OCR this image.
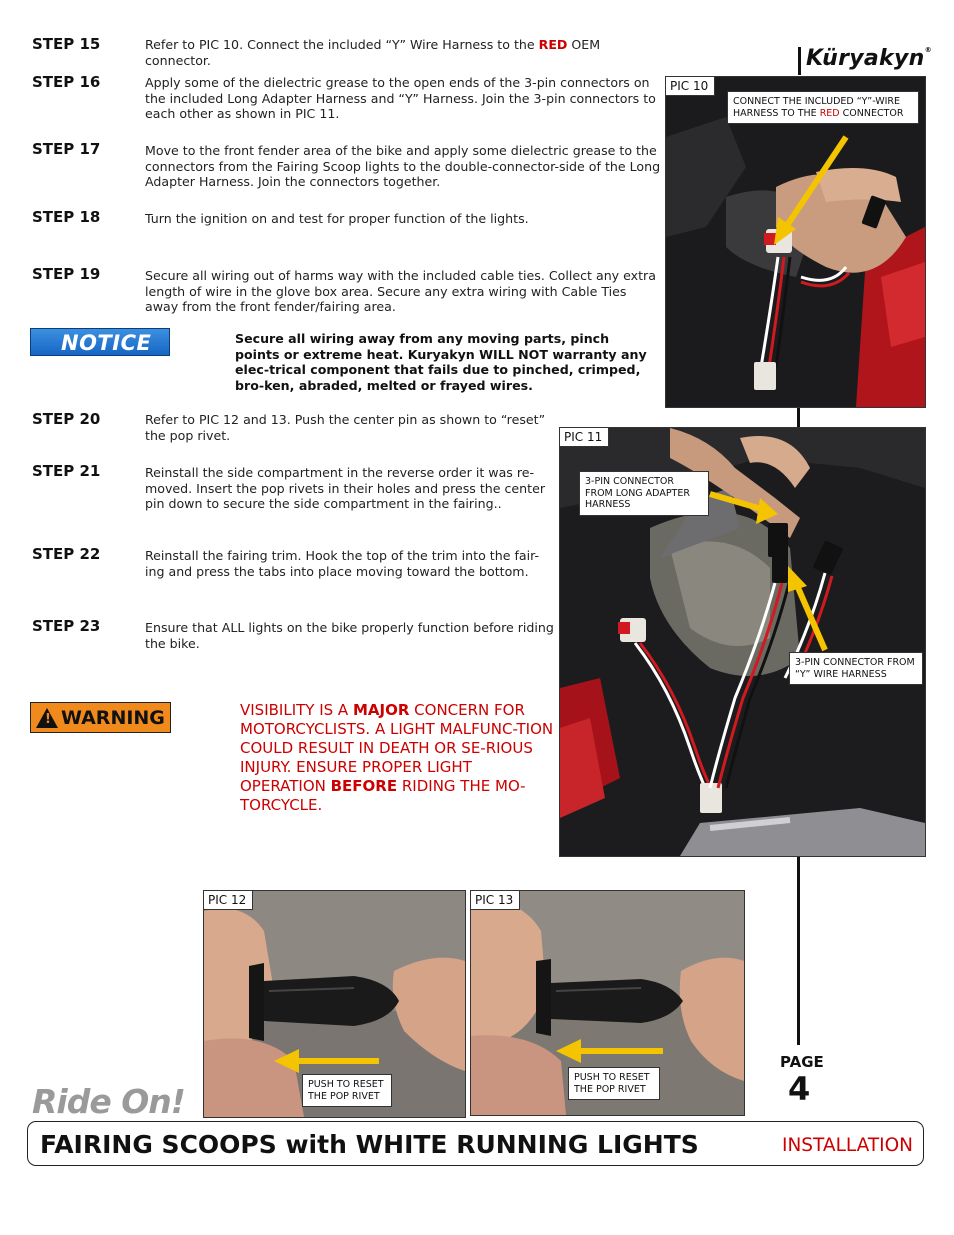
Küryakyn®
STEP 15	Refer to PIC 10. Connect the included “Y” Wire Harness to the RED OEM connector.
STEP 16	Apply some of the dielectric grease to the open ends of the 3-pin connectors on the included Long Adapter Harness and “Y” Harness. Join the 3-pin connectors to each other as shown in PIC 11.
STEP 17	Move to the front fender area of the bike and apply some dielectric grease to the connectors from the Fairing Scoop lights to the double-connector-side of the Long Adapter Harness. Join the connectors together.
STEP 18	Turn the ignition on and test for proper function of the lights.
STEP 19	Secure all wiring out of harms way with the included cable ties. Collect any extra length of wire in the glove box area. Secure any extra wiring with Cable Ties away from the front fender/fairing area.
NOTICE	Secure all wiring away from any moving parts, pinch points or extreme heat. Kuryakyn WILL NOT warranty any elec-trical component that fails due to pinched, crimped, bro-ken, abraded, melted or frayed wires.
STEP 20	Refer to PIC 12 and 13. Push the center pin as shown to “reset” the pop rivet.
STEP 21	Reinstall the side compartment in the reverse order it was re-moved. Insert the pop rivets in their holes and press the center pin down to secure the side compartment in the fairing..
STEP 22	Reinstall the fairing trim. Hook the top of the trim into the fair-ing and press the tabs into place moving toward the bottom.
STEP 23	Ensure that ALL lights on the bike properly function before riding the bike.
! WARNING	VISIBILITY IS A MAJOR CONCERN FOR MOTORCYCLISTS. A LIGHT MALFUNC-TION COULD RESULT IN DEATH OR SE-RIOUS INJURY. ENSURE PROPER LIGHT OPERATION BEFORE RIDING THE MO-TORCYCLE.
PIC 10
CONNECT THE INCLUDED “Y”-WIRE HARNESS TO THE RED CONNECTOR
PIC 11
3-PIN CONNECTOR FROM LONG ADAPTER HARNESS
3-PIN CONNECTOR FROM “Y” WIRE HARNESS
PIC 12
PUSH TO RESET THE POP RIVET
PIC 13
PUSH TO RESET THE POP RIVET
PAGE
4
Ride On!
FAIRING SCOOPS with WHITE RUNNING LIGHTS	INSTALLATION
